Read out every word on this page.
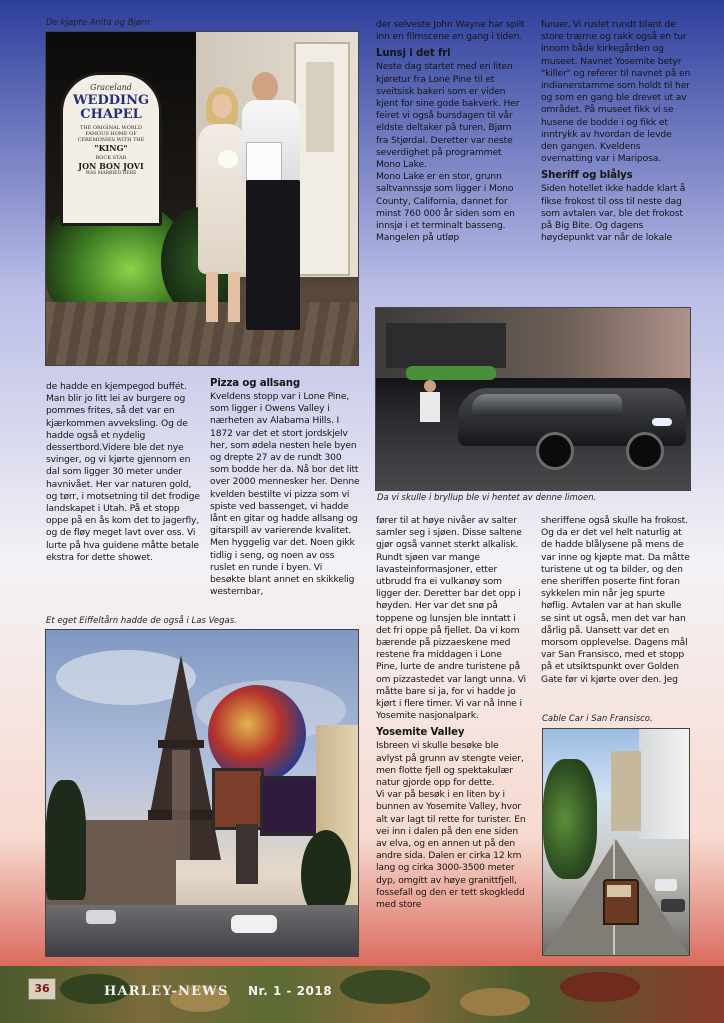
De kjøpte Anita og Bjørn
Graceland
WEDDING
CHAPEL
THE ORIGINAL WORLD FAMOUS HOME OF CEREMONIES WITH THE
"KING"
ROCK STAR
JON BON JOVI
WAS MARRIED HERE
Da vi skulle i bryllup ble vi hentet av denne limoen.
Et eget Eiffeltårn hadde de også i Las Vegas.
Cable Car i San Fransisco.

de hadde en kjempegod buffét. Man blir jo litt lei av burgere og pommes frites, så det var en kjærkommen avveksling. Og de hadde også et nydelig dessertbord.Videre ble det nye svinger, og vi kjørte gjennom en dal som ligger 30 meter under havnivået. Her var naturen gold, og tørr, i motsetning til det frodige landskapet i Utah. På et stopp oppe på en ås kom det to jagerfly, og de fløy meget lavt over oss. Vi lurte på hva guidene måtte betale ekstra for dette showet.

Pizza og allsang

Kveldens stopp var i Lone Pine, som ligger i Owens Valley i nærheten av Alabama Hills. I 1872 var det et stort jordskjelv her, som ødela nesten hele byen og drepte 27 av de rundt 300 som bodde her da. Nå bor det litt over 2000 mennesker her. Denne kvelden bestilte vi pizza som vi spiste ved bassenget, vi hadde lånt en gitar og hadde allsang og gitarspill av varierende kvalitet. Men hyggelig var det. Noen gikk tidlig i seng, og noen av oss ruslet en runde i byen. Vi besøkte blant annet en skikkelig westernbar,

der selveste John Wayne har spilt inn en filmscene en gang i tiden.

Lunsj i det fri

Neste dag startet med en liten kjøretur fra Lone Pine til et sveitsisk bakeri som er viden kjent for sine gode bakverk. Her feiret vi også bursdagen til vår eldste deltaker på turen, Bjørn fra Stjørdal. Deretter var neste severdighet på programmet Mono Lake.

Mono Lake er en stor, grunn saltvannssjø som ligger i Mono County, California, dannet for minst 760 000 år siden som en innsjø i et terminalt basseng. Mangelen på utløp

furuer. Vi ruslet rundt blant de store trærne og rakk også en tur innom både kirkegården og museet. Navnet Yosemite betyr "killer" og referer til navnet på en indianerstamme som holdt til her og som en gang ble drevet ut av området. På museet fikk vi se husene de bodde i og fikk et inntrykk av hvordan de levde den gangen. Kveldens overnatting var i Mariposa.

Sheriff og blålys

Siden hotellet ikke hadde klart å fikse frokost til oss til neste dag som avtalen var, ble det frokost på Big Bite. Og dagens høydepunkt var når de lokale

fører til at høye nivåer av salter samler seg i sjøen. Disse saltene gjør også vannet sterkt alkalisk. Rundt sjøen var mange lavasteinformasjoner, etter utbrudd fra ei vulkanøy som ligger der. Deretter bar det opp i høyden. Her var det snø på toppene og lunsjen ble inntatt i det fri oppe på fjellet. Da vi kom bærende på pizzaeskene med restene fra middagen i Lone Pine, lurte de andre turistene på om pizzastedet var langt unna. Vi måtte bare si ja, for vi hadde jo kjørt i flere timer. Vi var nå inne i Yosemite nasjonalpark.

Yosemite Valley

Isbreen vi skulle besøke ble avlyst på grunn av stengte veier, men flotte fjell og spektakulær natur gjorde opp for dette.

Vi var på besøk i en liten by i bunnen av Yosemite Valley, hvor alt var lagt til rette for turister. En vei inn i dalen på den ene siden av elva, og en annen ut på den andre sida. Dalen er cirka 12 km lang og cirka 3000-3500 meter dyp, omgitt av høye granittfjell, fossefall og den er tett skogkledd med store

sheriffene også skulle ha frokost. Og da er det vel helt naturlig at de hadde blålysene på mens de var inne og kjøpte mat. Da måtte turistene ut og ta bilder, og den ene sheriffen poserte fint foran sykkelen min når jeg spurte høflig. Avtalen var at han skulle se sint ut også, men det var han dårlig på. Uansett var det en morsom opplevelse. Dagens mål var San Fransisco, med et stopp på et utsiktspunkt over Golden Gate før vi kjørte over den. Jeg

36	HARLEY-NEWS Nr. 1 - 2018
